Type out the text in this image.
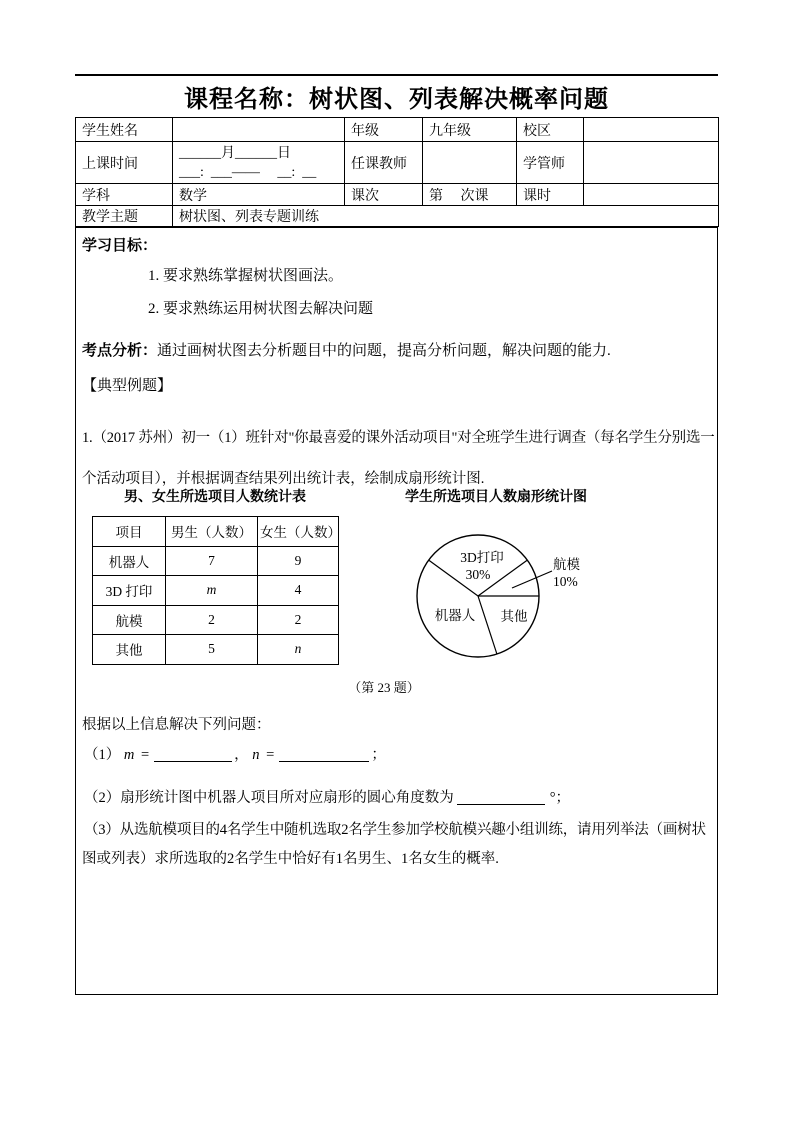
课程名称：树状图、列表解决概率问题
学生姓名		年级	九年级	校区	
上课时间	______月______日
___:  ___——　 __:  __	任课教师		学管师	
学科	数学	课次	第　 次课	课时	
教学主题	树状图、列表专题训练				
学习目标：
1. 要求熟练掌握树状图画法。
2. 要求熟练运用树状图去解决问题
考点分析：通过画树状图去分析题目中的问题，提高分析问题，解决问题的能力.
【典型例题】
1.（2017 苏州）初一（1）班针对"你最喜爱的课外活动项目"对全班学生进行调查（每名学生分别选一
个活动项目），并根据调查结果列出统计表，绘制成扇形统计图.
男、女生所选项目人数统计表	学生所选项目人数扇形统计图
项目	男生（人数）	女生（人数）
机器人	7	9
3D 打印	m	4
航模	2	2
其他	5	n
3D打印
30%
机器人 其他
航模
10%
（第 23 题）
根据以上信息解决下列问题：
（1） m =	， n =	；
（2）扇形统计图中机器人项目所对应扇形的圆心角度数为	°；
（3）从选航模项目的4名学生中随机选取2名学生参加学校航模兴趣小组训练，请用列举法（画树状
图或列表）求所选取的2名学生中恰好有1名男生、1名女生的概率.
